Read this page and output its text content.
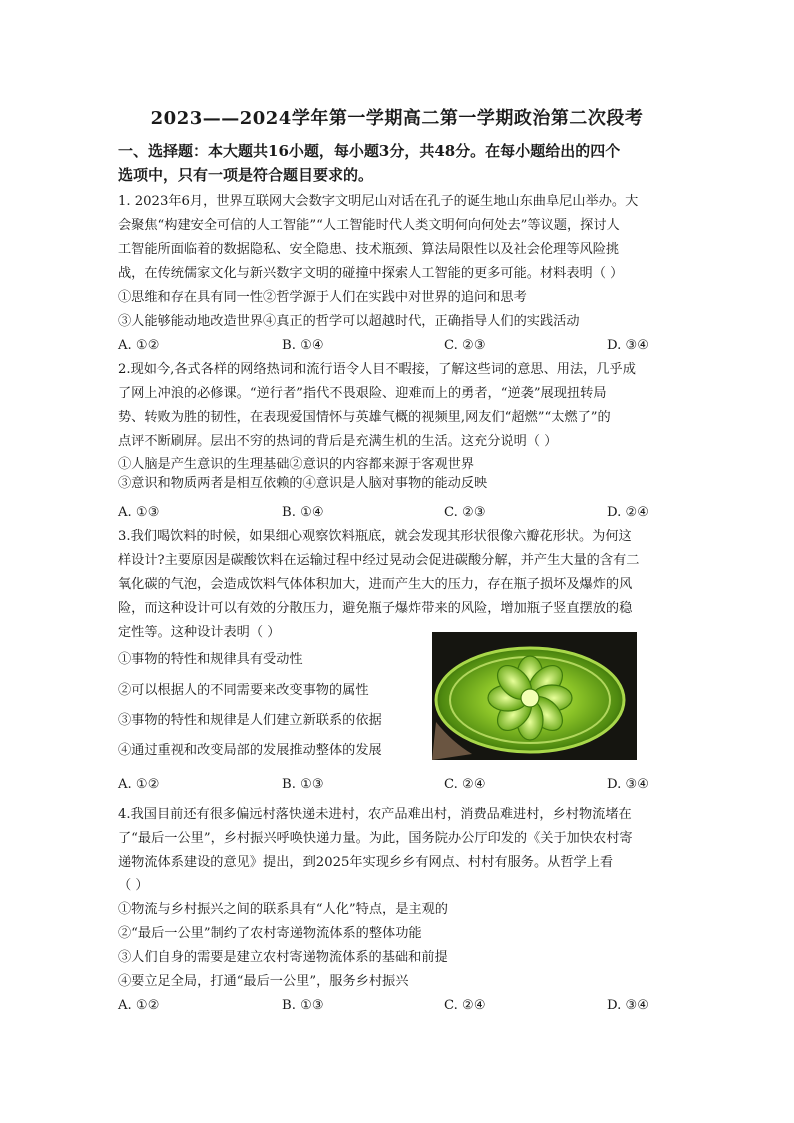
2023——2024学年第一学期高二第一学期政治第二次段考
一、选择题：本大题共16小题，每小题3分，共48分。在每小题给出的四个
选项中，只有一项是符合题目要求的。
1. 2023年6月，世界互联网大会数字文明尼山对话在孔子的诞生地山东曲阜尼山举办。大
会聚焦“构建安全可信的人工智能”“人工智能时代人类文明何向何处去”等议题，探讨人
工智能所面临着的数据隐私、安全隐患、技术瓶颈、算法局限性以及社会伦理等风险挑
战，在传统儒家文化与新兴数字文明的碰撞中探索人工智能的更多可能。材料表明（ ）
①思维和存在具有同一性②哲学源于人们在实践中对世界的追问和思考
③人能够能动地改造世界④真正的哲学可以超越时代，正确指导人们的实践活动
A. ①②	B. ①④	C. ②③	D. ③④
2.现如今,各式各样的网络热词和流行语令人目不暇接，了解这些词的意思、用法，几乎成
了网上冲浪的必修课。“逆行者”指代不畏艰险、迎难而上的勇者，“逆袭”展现扭转局
势、转败为胜的韧性，在表现爱国情怀与英雄气概的视频里,网友们“超燃”“太燃了”的
点评不断刷屏。层出不穷的热词的背后是充满生机的生活。这充分说明（ ）
①人脑是产生意识的生理基础②意识的内容都来源于客观世界
③意识和物质两者是相互依赖的④意识是人脑对事物的能动反映
A. ①③	B. ①④	C. ②③	D. ②④
3.我们喝饮料的时候，如果细心观察饮料瓶底，就会发现其形状很像六瓣花形状。为何这
样设计?主要原因是碳酸饮料在运输过程中经过晃动会促进碳酸分解，并产生大量的含有二
氧化碳的气泡，会造成饮料气体体积加大，进而产生大的压力，存在瓶子损坏及爆炸的风
险，而这种设计可以有效的分散压力，避免瓶子爆炸带来的风险，增加瓶子竖直摆放的稳
定性等。这种设计表明（ ）
①事物的特性和规律具有受动性
②可以根据人的不同需要来改变事物的属性
③事物的特性和规律是人们建立新联系的依据
④通过重视和改变局部的发展推动整体的发展
A. ①②	B. ①③	C. ②④	D. ③④
4.我国目前还有很多偏远村落快递未进村，农产品难出村，消费品难进村，乡村物流堵在
了“最后一公里”，乡村振兴呼唤快递力量。为此，国务院办公厅印发的《关于加快农村寄
递物流体系建设的意见》提出，到2025年实现乡乡有网点、村村有服务。从哲学上看
（ ）
①物流与乡村振兴之间的联系具有“人化”特点，是主观的
②“最后一公里”制约了农村寄递物流体系的整体功能
③人们自身的需要是建立农村寄递物流体系的基础和前提
④要立足全局，打通“最后一公里”，服务乡村振兴
A. ①②	B. ①③	C. ②④	D. ③④
